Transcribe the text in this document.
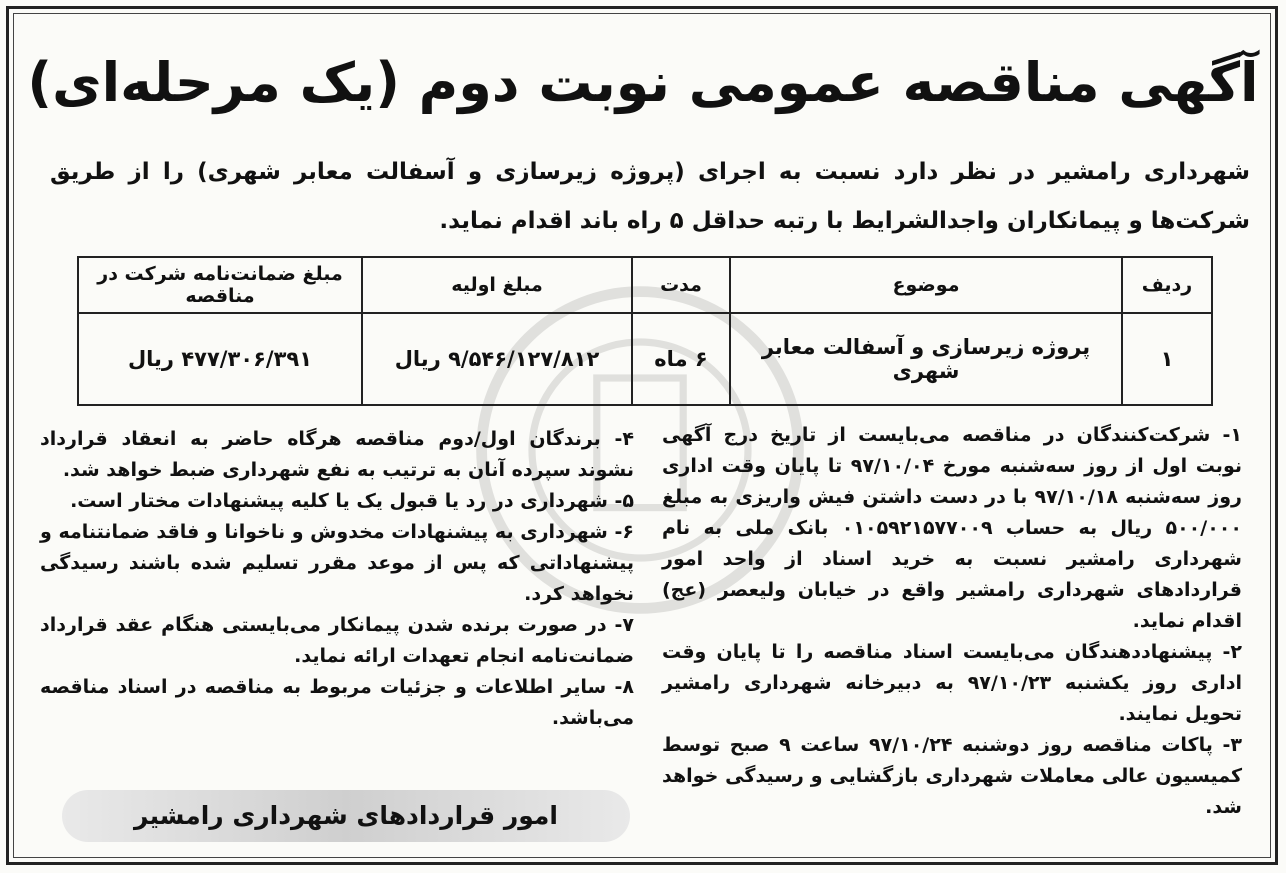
آگهی مناقصه عمومی نوبت دوم (یک مرحله‌ای)
شهرداری رامشیر در نظر دارد نسبت به اجرای (پروژه زیرسازی و آسفالت معابر شهری) را از طریق شرکت‌ها و پیمانکاران واجدالشرایط با رتبه حداقل ۵ راه باند اقدام نماید.
ردیف	موضوع	مدت	مبلغ اولیه	مبلغ ضمانت‌نامه شرکت در مناقصه
۱	پروژه زیرسازی و آسفالت معابر شهری	۶ ماه	۹/۵۴۶/۱۲۷/۸۱۲ ریال	۴۷۷/۳۰۶/۳۹۱ ریال

۱- شرکت‌کنندگان در مناقصه می‌بایست از تاریخ درج آگهی نوبت اول از روز سه‌شنبه مورخ ۹۷/۱۰/۰۴ تا پایان وقت اداری روز سه‌شنبه ۹۷/۱۰/۱۸ با در دست داشتن فیش واریزی به مبلغ ۵۰۰/۰۰۰ ریال به حساب ۰۱۰۵۹۲۱۵۷۷۰۰۹ بانک ملی به نام شهرداری رامشیر نسبت به خرید اسناد از واحد امور قراردادهای شهرداری رامشیر واقع در خیابان ولیعصر (عج) اقدام نماید.

۲- پیشنهاددهندگان می‌بایست اسناد مناقصه را تا پایان وقت اداری روز یکشنبه ۹۷/۱۰/۲۳ به دبیرخانه شهرداری رامشیر تحویل نمایند.

۳- پاکات مناقصه روز دوشنبه ۹۷/۱۰/۲۴ ساعت ۹ صبح توسط کمیسیون عالی معاملات شهرداری بازگشایی و رسیدگی خواهد شد.

۴- برندگان اول/دوم مناقصه هرگاه حاضر به انعقاد قرارداد نشوند سپرده آنان به ترتیب به نفع شهرداری ضبط خواهد شد.

۵- شهرداری در رد یا قبول یک یا کلیه پیشنهادات مختار است.

۶- شهرداری به پیشنهادات مخدوش و ناخوانا و فاقد ضمانتنامه و پیشنهاداتی که پس از موعد مقرر تسلیم شده باشند رسیدگی نخواهد کرد.

۷- در صورت برنده شدن پیمانکار می‌بایستی هنگام عقد قرارداد ضمانت‌نامه انجام تعهدات ارائه نماید.

۸- سایر اطلاعات و جزئیات مربوط به مناقصه در اسناد مناقصه می‌باشد.

امور قراردادهای شهرداری رامشیر
